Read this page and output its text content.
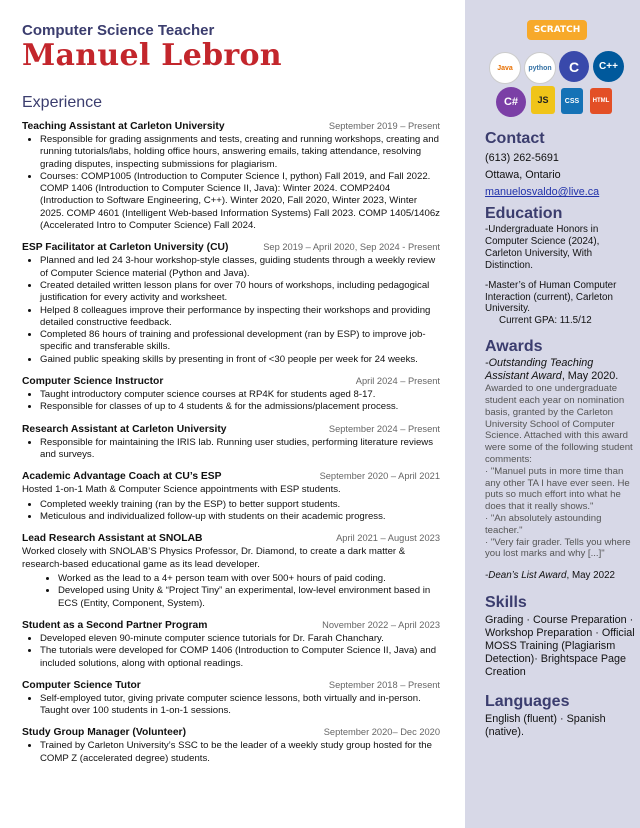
Computer Science Teacher
Manuel Lebron
Experience
Teaching Assistant at Carleton University	September 2019 – Present
• Responsible for grading assignments and tests, creating and running workshops, creating and running tutorials/labs, holding office hours, answering emails, taking attendance, resolving grading disputes, inspecting submissions for plagiarism.
• Courses: COMP1005 (Introduction to Computer Science I, python) Fall 2019, and Fall 2022. COMP 1406 (Introduction to Computer Science II, Java): Winter 2024. COMP2404 (Introduction to Software Engineering, C++). Winter 2020, Fall 2020, Winter 2023, Winter 2025. COMP 4601 (Intelligent Web-based Information Systems) Fall 2023. COMP 1405/1406z (Accelerated Intro to Computer Science) Fall 2024.
ESP Facilitator at Carleton University (CU)	Sep 2019 – April 2020, Sep 2024 - Present
• Planned and led 24 3-hour workshop-style classes, guiding students through a weekly review of Computer Science material (Python and Java).
• Created detailed written lesson plans for over 70 hours of workshops, including pedagogical justification for every activity and worksheet.
• Helped 8 colleagues improve their performance by inspecting their workshops and providing detailed constructive feedback.
• Completed 86 hours of training and professional development (ran by ESP) to improve job-specific and transferable skills.
• Gained public speaking skills by presenting in front of <30 people per week for 24 weeks.
Computer Science Instructor	April 2024 – Present
• Taught introductory computer science courses at RP4K for students aged 8-17.
• Responsible for classes of up to 4 students & for the admissions/placement process.
Research Assistant at Carleton University	September 2024 – Present
• Responsible for maintaining the IRIS lab. Running user studies, performing literature reviews and surveys.
Academic Advantage Coach at CU’s ESP	September 2020 – April 2021
Hosted 1-on-1 Math & Computer Science appointments with ESP students.
• Completed weekly training (ran by the ESP) to better support students.
• Meticulous and individualized follow-up with students on their academic progress.
Lead Research Assistant at SNOLAB	April 2021 – August 2023
Worked closely with SNOLAB’S Physics Professor, Dr. Diamond, to create a dark matter & research-based educational game as its lead developer.
• Worked as the lead to a 4+ person team with over 500+ hours of paid coding.
• Developed using Unity & “Project Tiny” an experimental, low-level environment based in ECS (Entity, Component, System).
Student as a Second Partner Program	November 2022 – April 2023
• Developed eleven 90-minute computer science tutorials for Dr. Farah Chanchary.
• The tutorials were developed for COMP 1406 (Introduction to Computer Science II, Java) and included solutions, along with optional readings.
Computer Science Tutor	September 2018 – Present
• Self-employed tutor, giving private computer science lessons, both virtually and in-person. Taught over 100 students in 1-on-1 sessions.
Study Group Manager (Volunteer)	September 2020– Dec 2020
• Trained by Carleton University’s SSC to be the leader of a weekly study group hosted for the COMP Z (accelerated degree) students.
SCRATCH
Java	python	C	C++
C#	JS	CSS	HTML
Contact
(613) 262-5691
Ottawa, Ontario
manuelosvaldo@live.ca
Education
-Undergraduate Honors in Computer Science (2024), Carleton University, With Distinction.
-Master’s of Human Computer Interaction (current), Carleton University.
Current GPA: 11.5/12
Awards
-Outstanding Teaching Assistant Award, May 2020.
Awarded to one undergraduate student each year on nomination basis, granted by the Carleton University School of Computer Science. Attached with this award were some of the following student comments:
· "Manuel puts in more time than any other TA I have ever seen. He puts so much effort into what he does that it really shows."
· "An absolutely astounding teacher."
· "Very fair grader. Tells you where you lost marks and why [...]"
-Dean’s List Award, May 2022
Skills
Grading · Course Preparation · Workshop Preparation · Official MOSS Training (Plagiarism Detection)· Brightspace Page Creation
Languages
English (fluent) · Spanish (native).
